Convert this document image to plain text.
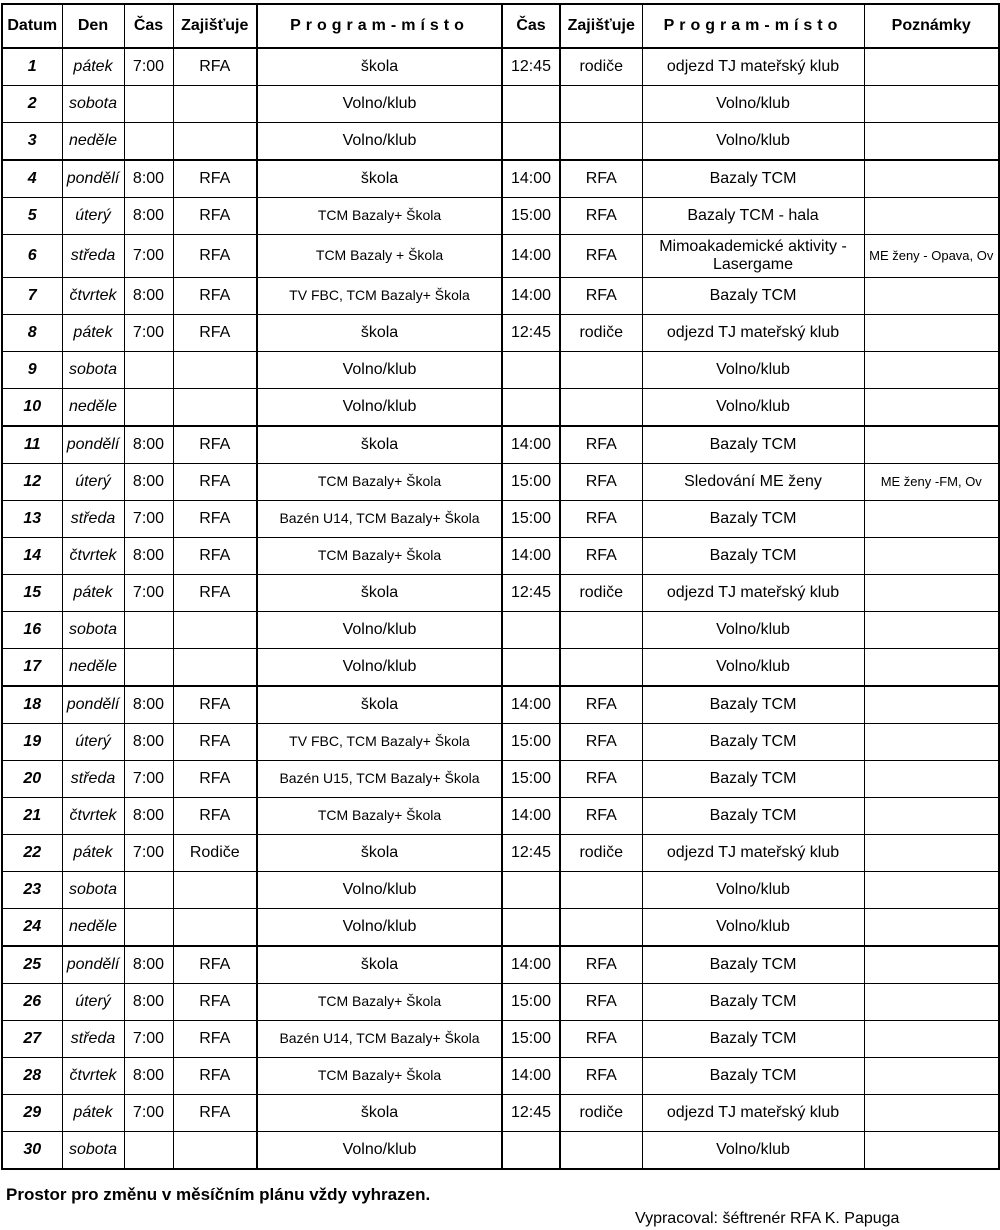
Datum	Den	Čas	Zajišťuje	Program-místo	Čas	Zajišťuje	Program-místo	Poznámky
1	pátek	7:00	RFA	škola	12:45	rodiče	odjezd TJ mateřský klub	
2	sobota			Volno/klub			Volno/klub	
3	neděle			Volno/klub			Volno/klub	
4	pondělí	8:00	RFA	škola	14:00	RFA	Bazaly TCM	
5	úterý	8:00	RFA	TCM Bazaly+ Škola	15:00	RFA	Bazaly TCM - hala	
6	středa	7:00	RFA	TCM Bazaly + Škola	14:00	RFA	Mimoakademické aktivity - Lasergame	ME ženy - Opava, Ov
7	čtvrtek	8:00	RFA	TV FBC, TCM Bazaly+ Škola	14:00	RFA	Bazaly TCM	
8	pátek	7:00	RFA	škola	12:45	rodiče	odjezd TJ mateřský klub	
9	sobota			Volno/klub			Volno/klub	
10	neděle			Volno/klub			Volno/klub	
11	pondělí	8:00	RFA	škola	14:00	RFA	Bazaly TCM	
12	úterý	8:00	RFA	TCM Bazaly+ Škola	15:00	RFA	Sledování ME ženy	ME ženy -FM, Ov
13	středa	7:00	RFA	Bazén U14, TCM Bazaly+ Škola	15:00	RFA	Bazaly TCM	
14	čtvrtek	8:00	RFA	TCM Bazaly+ Škola	14:00	RFA	Bazaly TCM	
15	pátek	7:00	RFA	škola	12:45	rodiče	odjezd TJ mateřský klub	
16	sobota			Volno/klub			Volno/klub	
17	neděle			Volno/klub			Volno/klub	
18	pondělí	8:00	RFA	škola	14:00	RFA	Bazaly TCM	
19	úterý	8:00	RFA	TV FBC, TCM Bazaly+ Škola	15:00	RFA	Bazaly TCM	
20	středa	7:00	RFA	Bazén U15, TCM Bazaly+ Škola	15:00	RFA	Bazaly TCM	
21	čtvrtek	8:00	RFA	TCM Bazaly+ Škola	14:00	RFA	Bazaly TCM	
22	pátek	7:00	Rodiče	škola	12:45	rodiče	odjezd TJ mateřský klub	
23	sobota			Volno/klub			Volno/klub	
24	neděle			Volno/klub			Volno/klub	
25	pondělí	8:00	RFA	škola	14:00	RFA	Bazaly TCM	
26	úterý	8:00	RFA	TCM Bazaly+ Škola	15:00	RFA	Bazaly TCM	
27	středa	7:00	RFA	Bazén U14, TCM Bazaly+ Škola	15:00	RFA	Bazaly TCM	
28	čtvrtek	8:00	RFA	TCM Bazaly+ Škola	14:00	RFA	Bazaly TCM	
29	pátek	7:00	RFA	škola	12:45	rodiče	odjezd TJ mateřský klub	
30	sobota			Volno/klub			Volno/klub	
Prostor pro změnu v měsíčním plánu vždy vyhrazen.
Vypracoval: šéftrenér RFA K. Papuga
